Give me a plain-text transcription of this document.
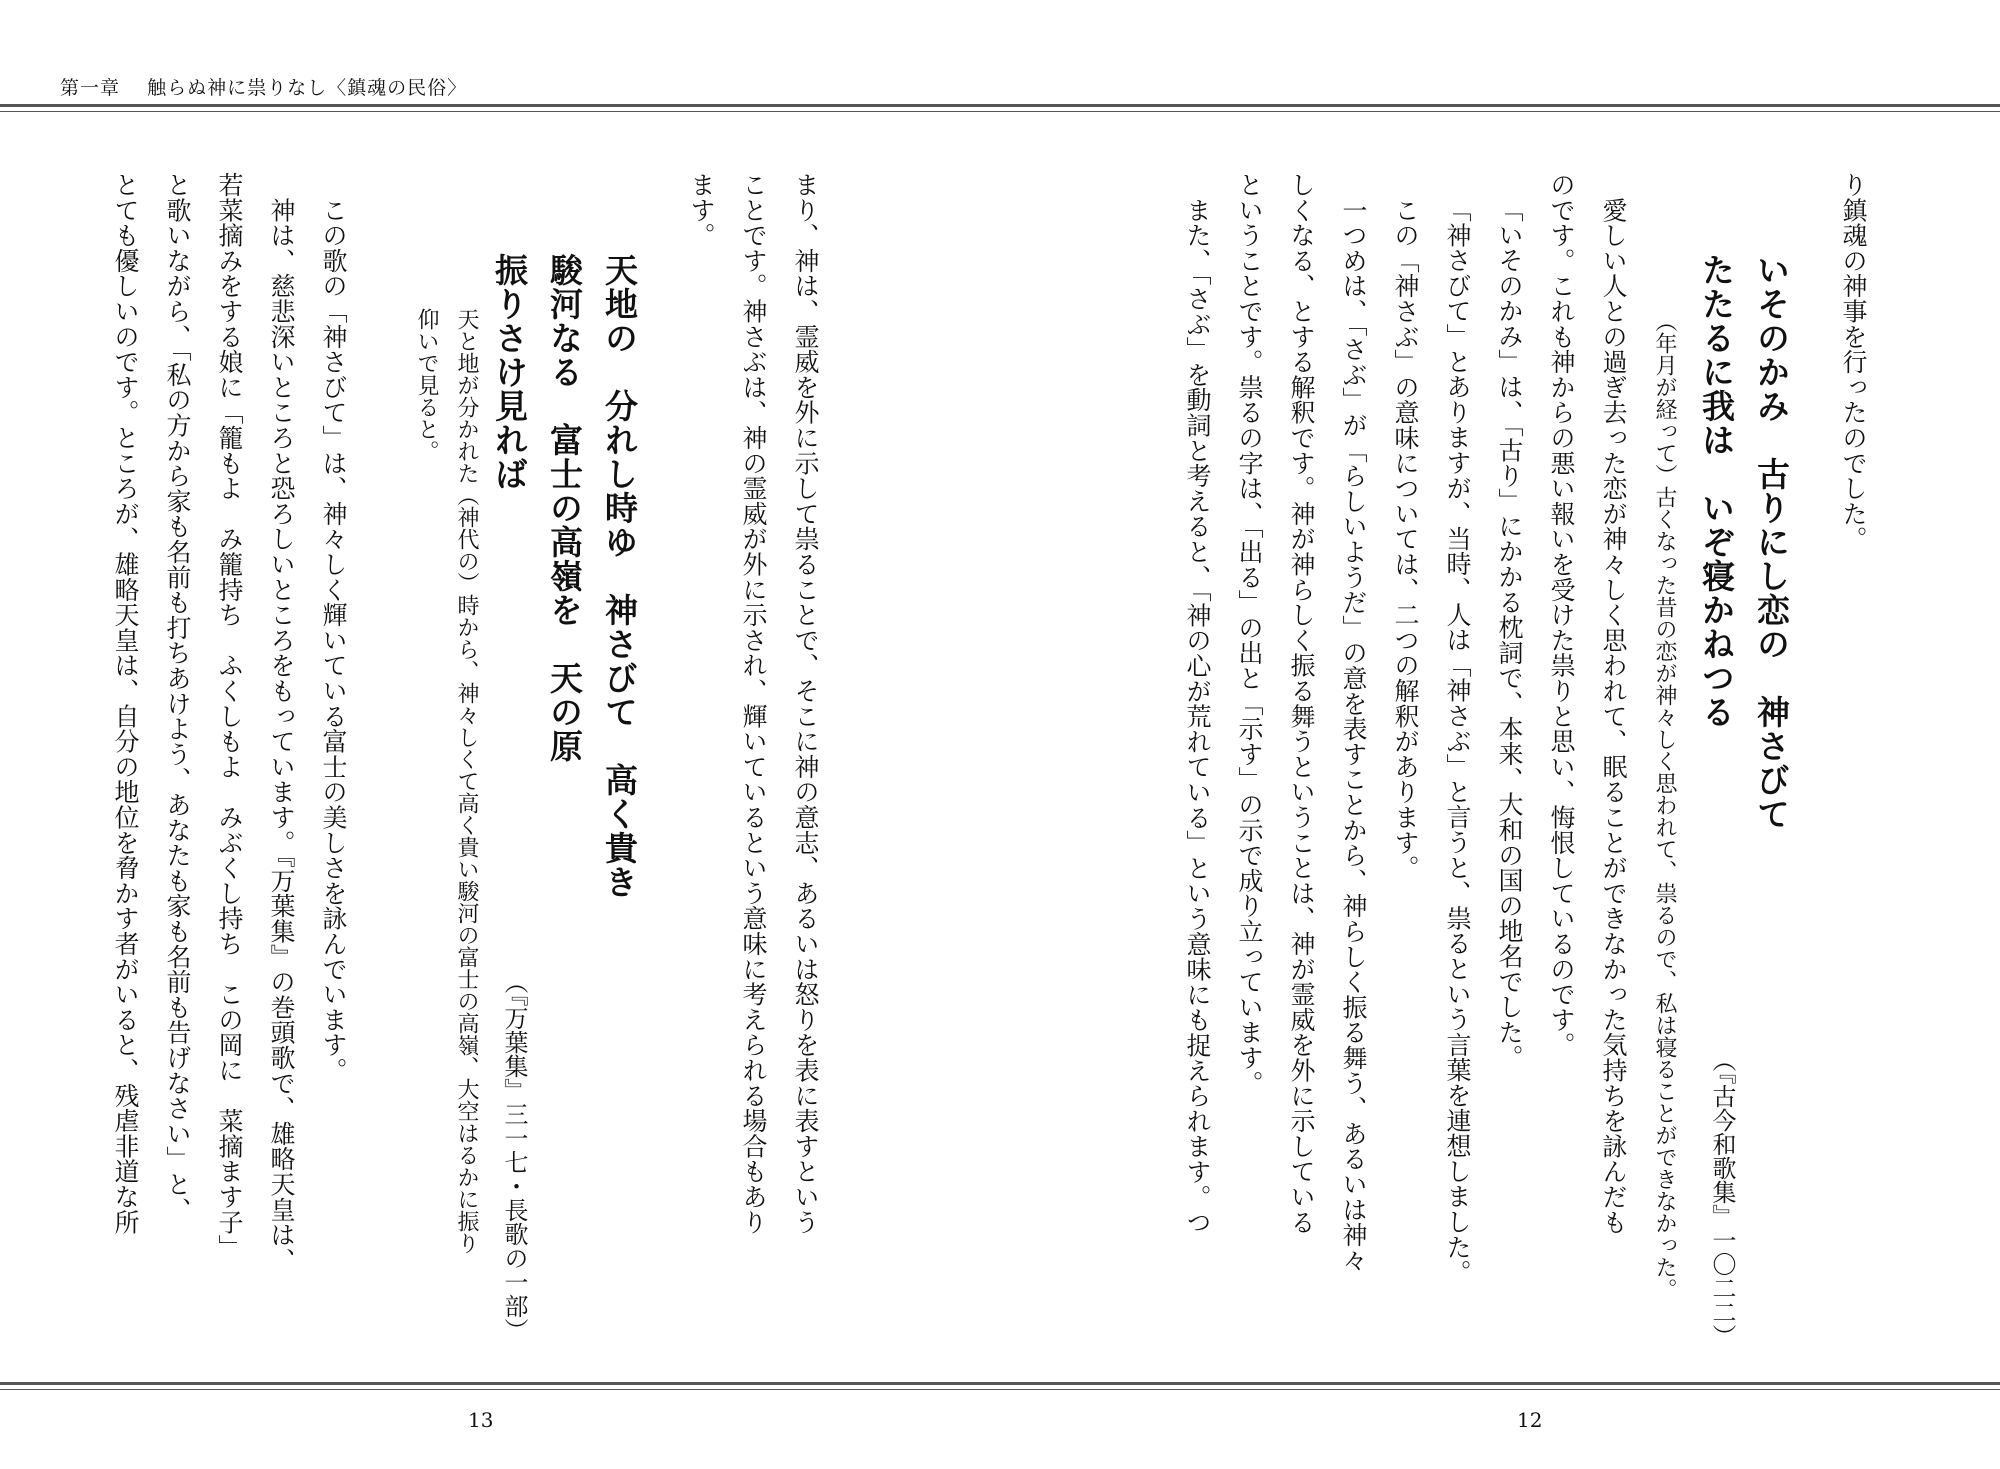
第一章　 触らぬ神に祟りなし〈鎮魂の民俗〉
り鎮魂の神事を行ったのでした。
いそのかみ　古りにし恋の　神さびて
たたるに我は　いぞ寝かねつる
（『古今和歌集』一〇二二）
（年月が経って）古くなった昔の恋が神々しく思われて、祟るので、私は寝ることができなかった。
　愛しい人との過ぎ去った恋が神々しく思われて、眠ることができなかった気持ちを詠んだも
のです。これも神からの悪い報いを受けた祟りと思い、悔恨しているのです。
「いそのかみ」は、「古り」にかかる枕詞で、本来、大和の国の地名でした。
「神さびて」とありますが、当時、人は「神さぶ」と言うと、祟るという言葉を連想しました。
　この「神さぶ」の意味については、二つの解釈があります。
　一つめは、「さぶ」が「らしいようだ」の意を表すことから、神らしく振る舞う、あるいは神々
しくなる、とする解釈です。神が神らしく振る舞うということは、神が霊威を外に示している
ということです。祟るの字は、「出る」の出と「示す」の示で成り立っています。
　また、「さぶ」を動詞と考えると、「神の心が荒れている」という意味にも捉えられます。つ
まり、神は、霊威を外に示して祟ることで、そこに神の意志、あるいは怒りを表に表すという
ことです。神さぶは、神の霊威が外に示され、輝いているという意味に考えられる場合もあり
ます。
天地の　分れし時ゆ　神さびて　高く貴き
駿河なる　富士の高嶺を　天の原
振りさけ見れば
（『万葉集』三一七・長歌の一部）
天と地が分かれた（神代の）時から、神々しくて高く貴い駿河の富士の高嶺、大空はるかに振り
仰いで見ると。
　この歌の「神さびて」は、神々しく輝いている富士の美しさを詠んでいます。
　神は、慈悲深いところと恐ろしいところをもっています。『万葉集』の巻頭歌で、雄略天皇は、
若菜摘みをする娘に「籠もよ　み籠持ち　ふくしもよ　みぶくし持ち　この岡に　菜摘ます子」
と歌いながら、「私の方から家も名前も打ちあけよう、あなたも家も名前も告げなさい」と、
とても優しいのです。ところが、雄略天皇は、自分の地位を脅かす者がいると、残虐非道な所
13	12
